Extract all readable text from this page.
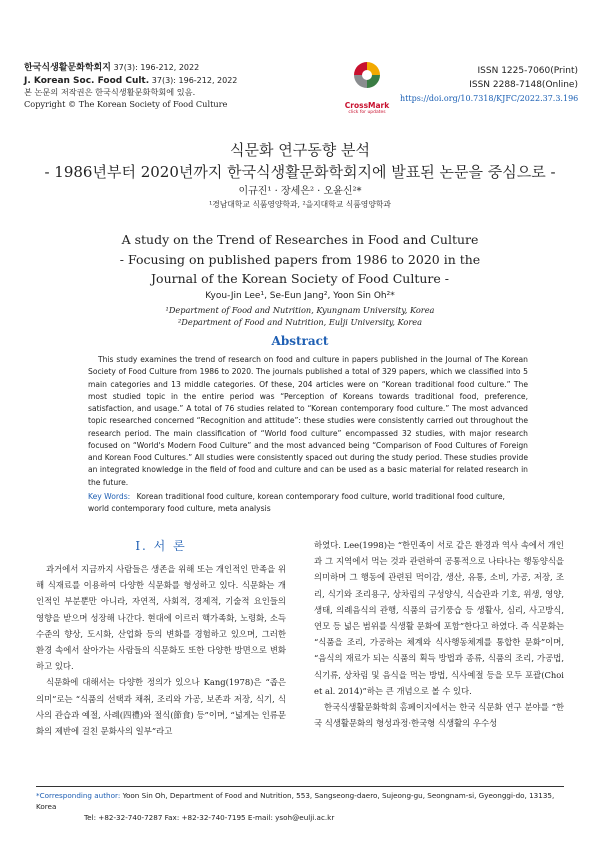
한국식생활문화학회지 37(3): 196-212, 2022
J. Korean Soc. Food Cult. 37(3): 196-212, 2022
본 논문의 저작권은 한국식생활문화학회에 있음.
Copyright © The Korean Society of Food Culture	CrossMark
click for updates
ISSN 1225-7060(Print)
ISSN 2288-7148(Online)
https://doi.org/10.7318/KJFC/2022.37.3.196
식문화 연구동향 분석
- 1986년부터 2020년까지 한국식생활문화학회지에 발표된 논문을 중심으로 -
이규진¹ · 장세은² · 오윤신²*
¹경남대학교 식품영양학과, ²을지대학교 식품영양학과
A study on the Trend of Researches in Food and Culture
- Focusing on published papers from 1986 to 2020 in the
Journal of the Korean Society of Food Culture -
Kyou-Jin Lee¹, Se-Eun Jang², Yoon Sin Oh²*
¹Department of Food and Nutrition, Kyungnam University, Korea
²Department of Food and Nutrition, Eulji University, Korea
Abstract
This study examines the trend of research on food and culture in papers published in the Journal of The Korean Society of Food Culture from 1986 to 2020. The journals published a total of 329 papers, which we classified into 5 main categories and 13 middle categories. Of these, 204 articles were on “Korean traditional food culture.” The most studied topic in the entire period was “Perception of Koreans towards traditional food, preference, satisfaction, and usage.” A total of 76 studies related to “Korean contemporary food culture.” The most advanced topic researched concerned “Recognition and attitude”: these studies were consistently carried out throughout the research period. The main classification of “World food culture” encompassed 32 studies, with major research focused on “World's Modern Food Culture” and the most advanced being “Comparison of Food Cultures of Foreign and Korean Food Cultures.” All studies were consistently spaced out during the study period. These studies provide an integrated knowledge in the field of food and culture and can be used as a basic material for related research in the future.
Key Words: Korean traditional food culture, korean contemporary food culture, world traditional food culture, world contemporary food culture, meta analysis
Ⅰ. 서 론

과거에서 지금까지 사람들은 생존을 위해 또는 개인적인 만족을 위해 식재료를 이용하여 다양한 식문화를 형성하고 있다. 식문화는 개인적인 부분뿐만 아니라, 자연적, 사회적, 경제적, 기술적 요인들의 영향을 받으며 성장해 나간다. 현대에 이르러 핵가족화, 노령화, 소득수준의 향상, 도시화, 산업화 등의 변화를 경험하고 있으며, 그러한 환경 속에서 살아가는 사람들의 식문화도 또한 다양한 방면으로 변화하고 있다.

식문화에 대해서는 다양한 정의가 있으나 Kang(1978)은 “좁은 의미”로는 “식품의 선택과 채취, 조리와 가공, 보존과 저장, 식기, 식사의 관습과 예절, 사례(四禮)와 절식(節食) 등”이며, “넓게는 인류문화의 제반에 걸친 문화사의 일부”라고

하였다. Lee(1998)는 “한민족이 서로 같은 환경과 역사 속에서 개인과 그 지역에서 먹는 것과 관련하여 공통적으로 나타나는 행동양식을 의미하며 그 행동에 관련된 먹이감, 생산, 유통, 소비, 가공, 저장, 조리, 식기와 조리용구, 상차림의 구성양식, 식습관과 기호, 위생, 영양, 생태, 의례음식의 관행, 식품의 금기풍습 등 생활사, 심리, 사고방식, 연모 등 넓은 범위를 식생활 문화에 포함”한다고 하였다. 즉 식문화는 “식품을 조리, 가공하는 체계와 식사행동체계를 통합한 문화”이며, “음식의 재료가 되는 식품의 획득 방법과 종류, 식품의 조리, 가공법, 식기류, 상차림 및 음식을 먹는 방법, 식사예절 등을 모두 포괄(Choi et al. 2014)”하는 큰 개념으로 볼 수 있다.

한국식생활문화학회 홈페이지에서는 한국 식문화 연구 분야를 “한국 식생활문화의 형성과정·한국형 식생활의 우수성

*Corresponding author: Yoon Sin Oh, Department of Food and Nutrition, 553, Sangseong-daero, Sujeong-gu, Seongnam-si, Gyeonggi-do, 13135, Korea
Tel: +82-32-740-7287 Fax: +82-32-740-7195 E-mail: ysoh@eulji.ac.kr
